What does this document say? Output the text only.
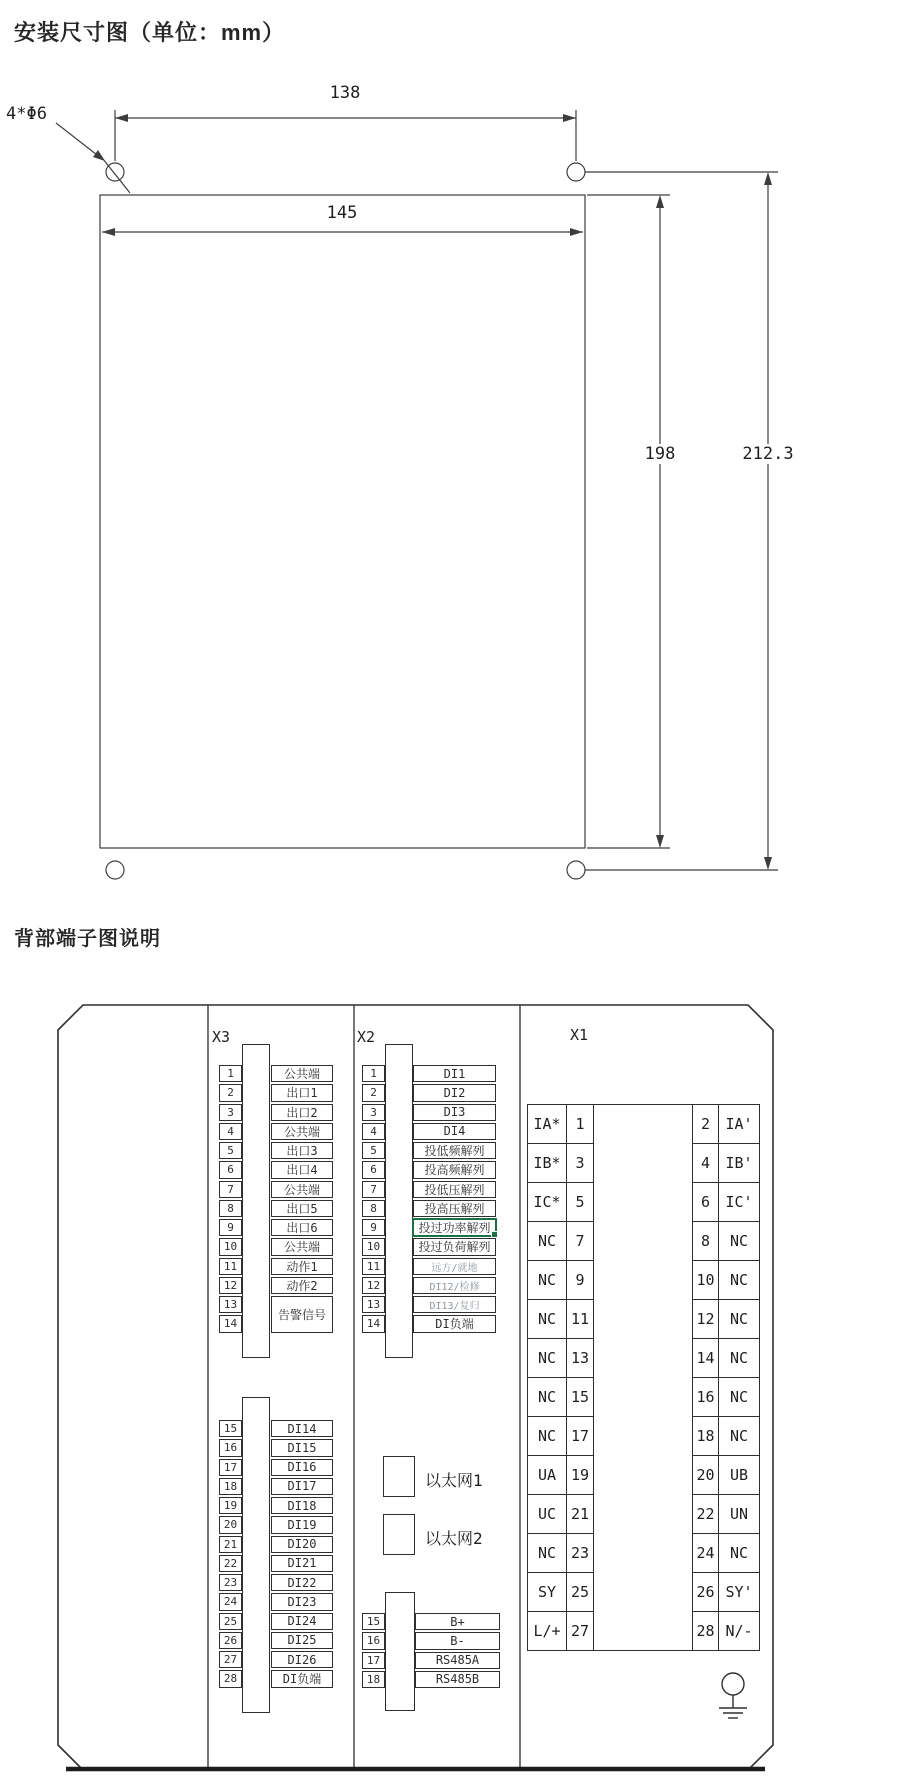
安装尺寸图（单位：mm）
138
4*Φ6
145
198	212.3
背部端子图说明
X3
1
2
3
4
5
6
7
8
9
10
11
12
13
14
公共端
出口1
出口2
公共端
出口3
出口4
公共端
出口5
出口6
公共端
动作1
动作2
告警信号
15
16
17
18
19
20
21
22
23
24
25
26
27
28
DI14
DI15
DI16
DI17
DI18
DI19
DI20
DI21
DI22
DI23
DI24
DI25
DI26
DI负端
X2
1
2
3
4
5
6
7
8
9
10
11
12
13
14
DI1
DI2
DI3
DI4
投低频解列
投高频解列
投低压解列
投高压解列
投过功率解列
投过负荷解列
远方/就地
DI12/检修
DI13/复归
DI负端
以太网1
以太网2
15
16
17
18
B+
B-
RS485A
RS485B
X1
IA*
IB*
IC*
NC
NC
NC
NC
NC
NC
UA
UC
NC
SY
L/+
1
3
5
7
9
11
13
15
17
19
21
23
25
27
2
4
6
8
10
12
14
16
18
20
22
24
26
28
IA'
IB'
IC'
NC
NC
NC
NC
NC
NC
UB
UN
NC
SY'
N/-
